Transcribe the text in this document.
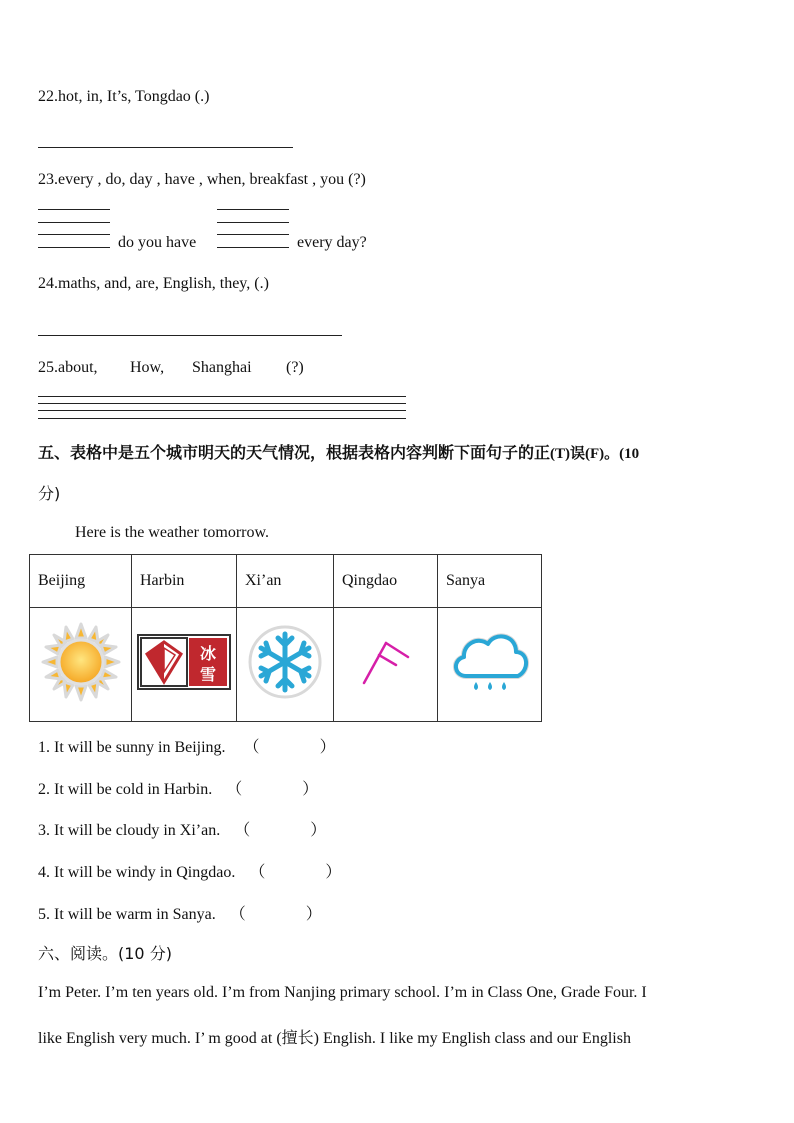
22.hot, in, It’s, Tongdao (.)
23.every , do, day , have , when, breakfast , you (?)
do you have	every day?
24.maths, and, are, English, they, (.)
25.about, How, Shanghai (?)
五、表格中是五个城市明天的天气情况，根据表格内容判断下面句子的正(T)误(F)。(10
分)
Here is the weather tomorrow.
Beijing	Harbin	Xi’an	Qingdao	Sanya

冰
雪

1. It will be sunny in Beijing. （	）
2. It will be cold in Harbin. （	）
3. It will be cloudy in Xi’an. （	）
4. It will be windy in Qingdao. （	）
5. It will be warm in Sanya. （	）
六、阅读。(10 分)
I’m Peter. I’m ten years old. I’m from Nanjing primary school. I’m in Class One, Grade Four. I
like English very much. I’ m good at (擅长) English. I like my English class and our English
